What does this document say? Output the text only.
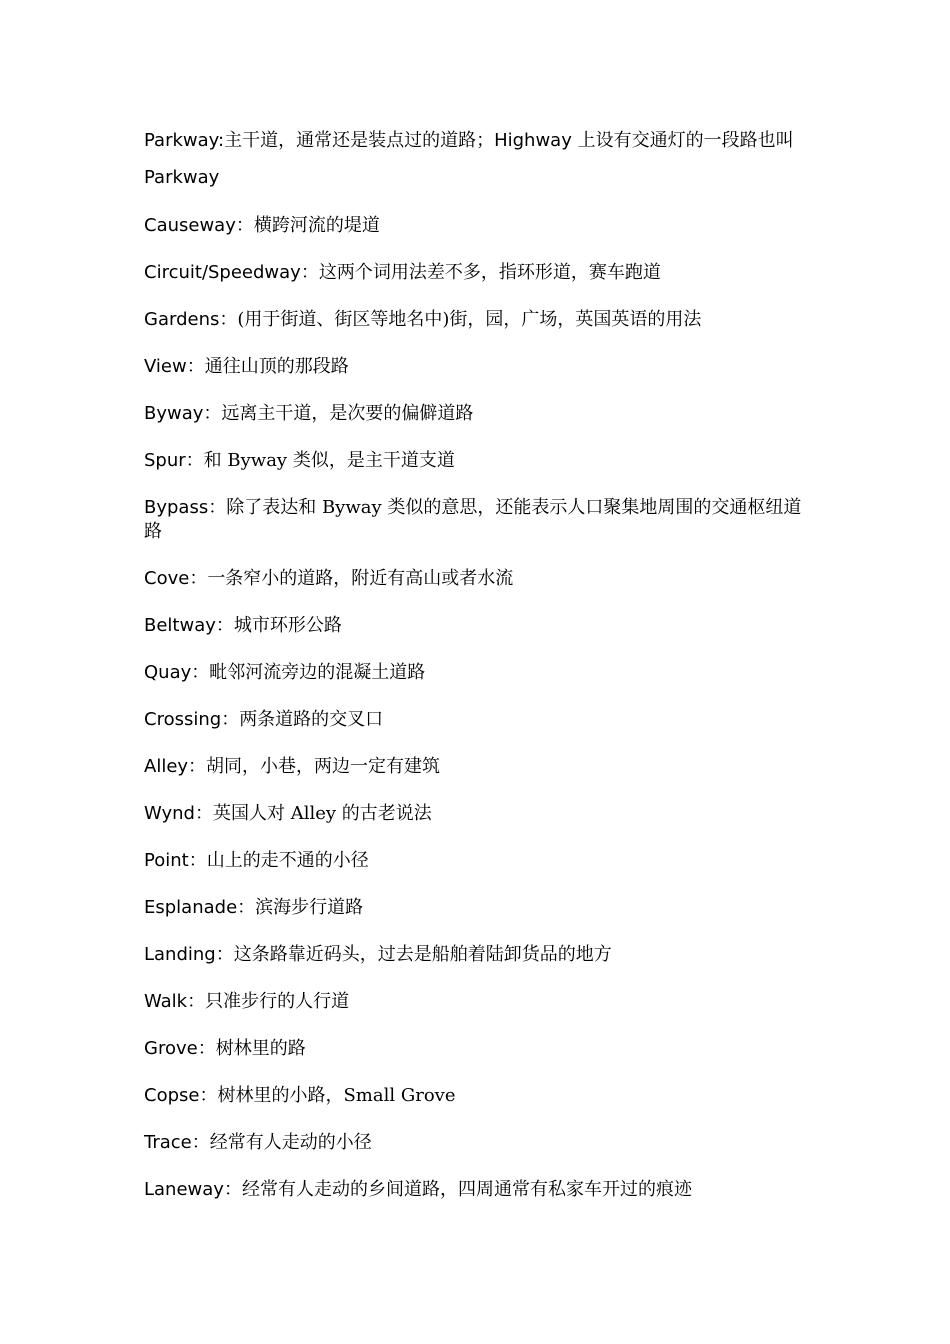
Parkway:主干道，通常还是装点过的道路；Highway 上设有交通灯的一段路也叫 Parkway

Causeway：横跨河流的堤道

Circuit/Speedway：这两个词用法差不多，指环形道，赛车跑道

Gardens：(用于街道、街区等地名中)街，园，广场，英国英语的用法

View：通往山顶的那段路

Byway：远离主干道，是次要的偏僻道路

Spur：和 Byway 类似，是主干道支道

Bypass：除了表达和 Byway 类似的意思，还能表示人口聚集地周围的交通枢纽道路

Cove：一条窄小的道路，附近有高山或者水流

Beltway：城市环形公路

Quay：毗邻河流旁边的混凝土道路

Crossing：两条道路的交叉口

Alley：胡同，小巷，两边一定有建筑

Wynd：英国人对 Alley 的古老说法

Point：山上的走不通的小径

Esplanade：滨海步行道路

Landing：这条路靠近码头，过去是船舶着陆卸货品的地方

Walk：只准步行的人行道

Grove：树林里的路

Copse：树林里的小路，Small Grove

Trace：经常有人走动的小径

Laneway：经常有人走动的乡间道路，四周通常有私家车开过的痕迹
